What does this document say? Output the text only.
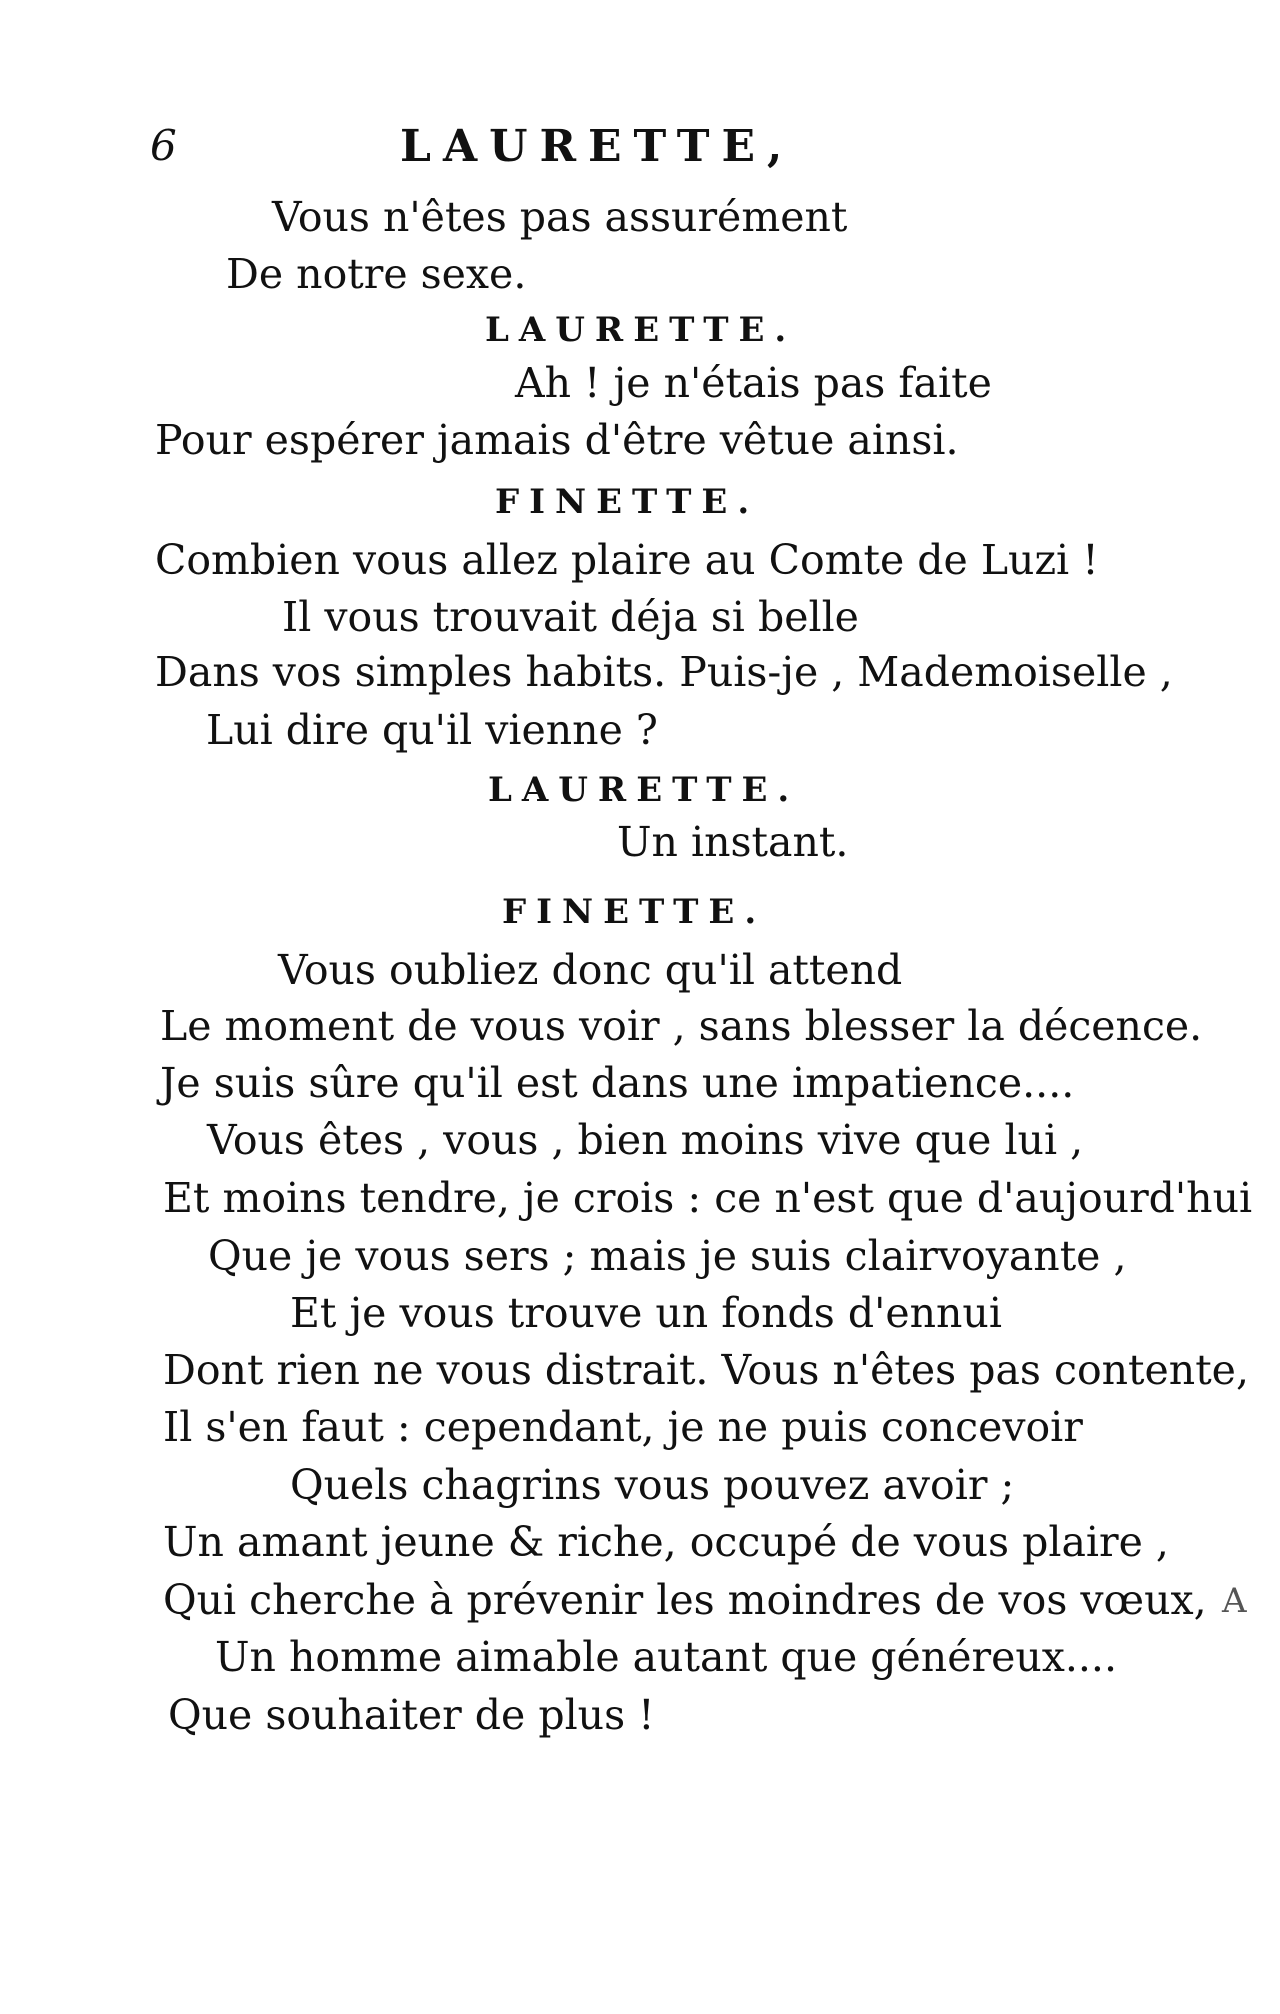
6	LAURETTE,
Vous n'êtes pas assurément
De notre sexe.
LAURETTE.
Ah ! je n'étais pas faite
Pour espérer jamais d'être vêtue ainsi.
FINETTE.
Combien vous allez plaire au Comte de Luzi !
Il vous trouvait déja si belle
Dans vos simples habits. Puis-je , Mademoiselle ,
Lui dire qu'il vienne ?
LAURETTE.
Un instant.
FINETTE.
Vous oubliez donc qu'il attend
Le moment de vous voir , sans blesser la décence.
Je suis sûre qu'il est dans une impatience....
Vous êtes , vous , bien moins vive que lui ,
Et moins tendre, je crois : ce n'est que d'aujourd'hui
Que je vous sers ; mais je suis clairvoyante ,
Et je vous trouve un fonds d'ennui
Dont rien ne vous distrait. Vous n'êtes pas contente,
Il s'en faut : cependant, je ne puis concevoir
Quels chagrins vous pouvez avoir ;
Un amant jeune & riche, occupé de vous plaire ,
Qui cherche à prévenir les moindres de vos vœux,
Un homme aimable autant que généreux....
Que souhaiter de plus !
A
